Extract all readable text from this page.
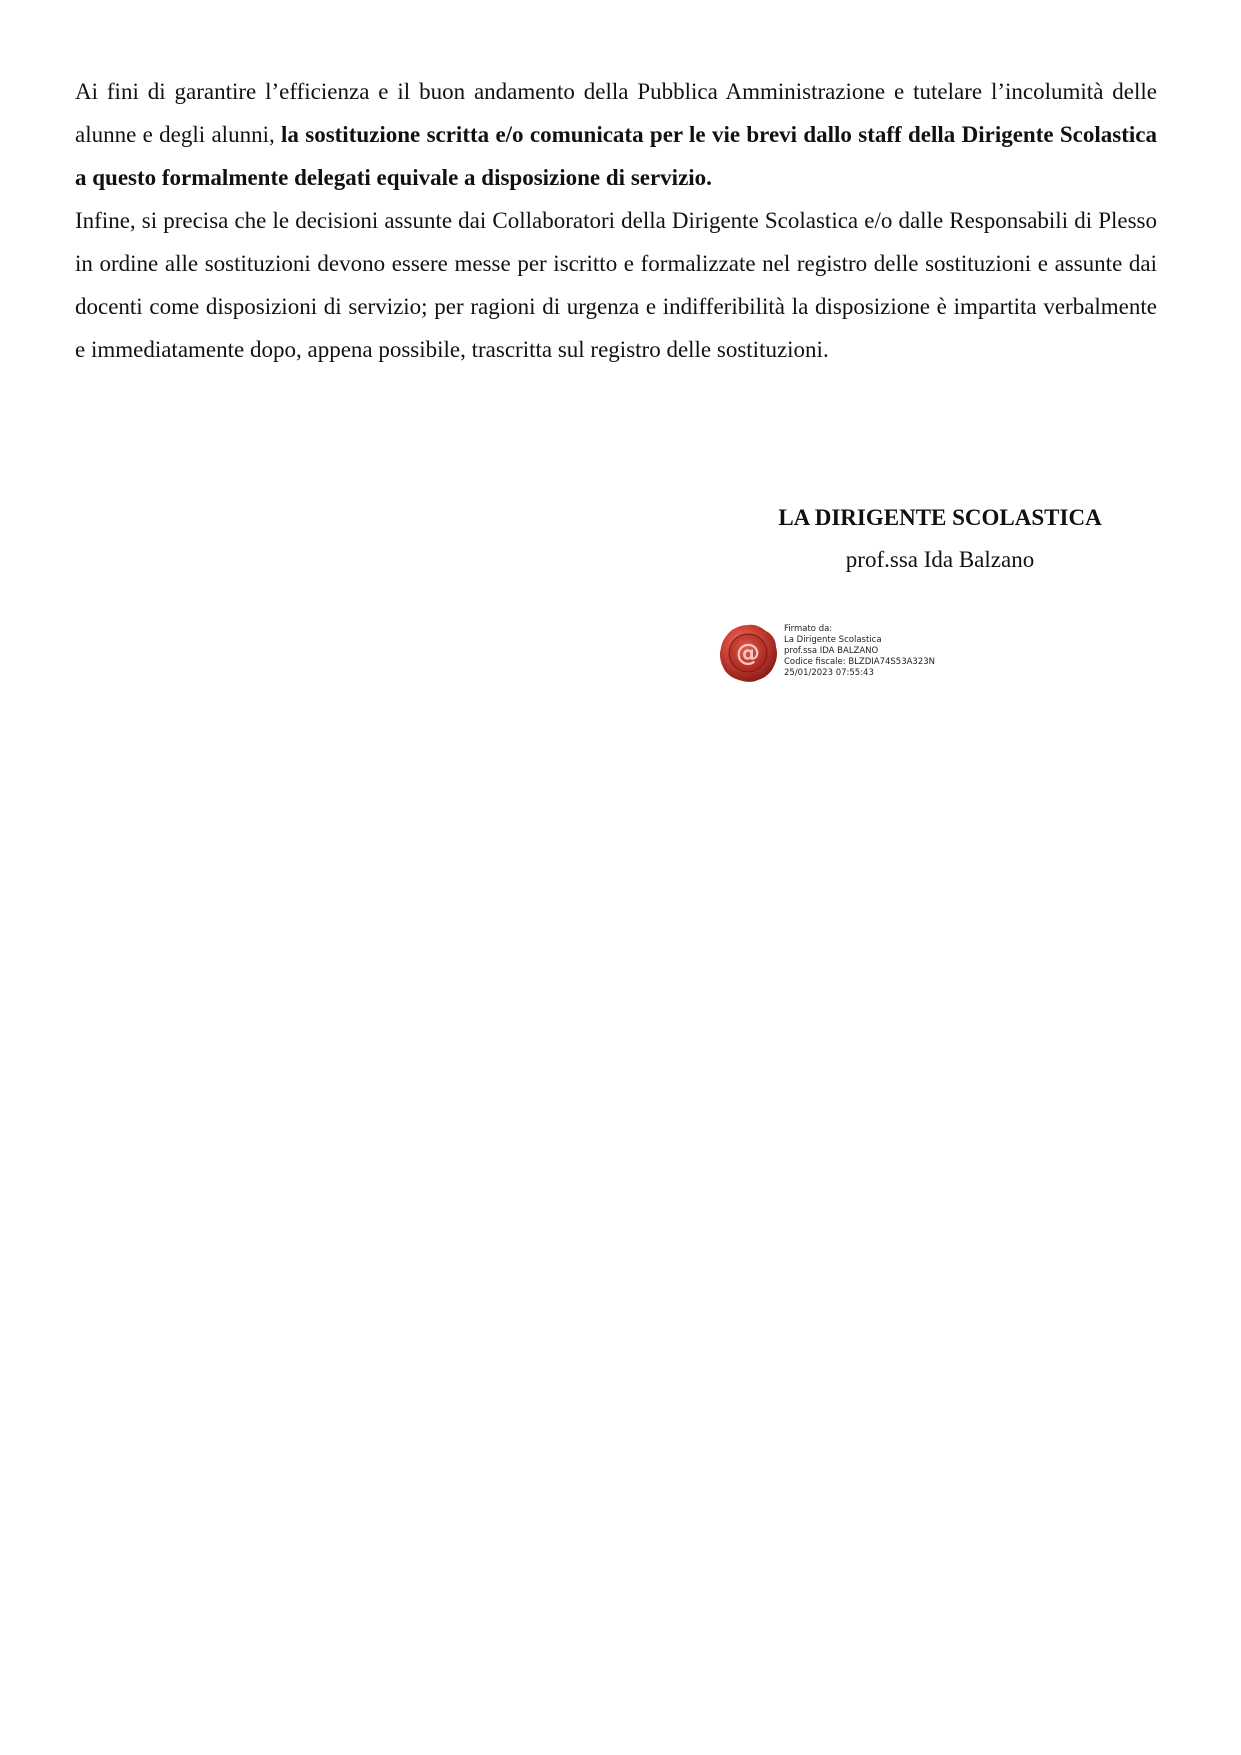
Ai fini di garantire l’efficienza e il buon andamento della Pubblica Amministrazione e tutelare l’incolumità delle alunne e degli alunni, la sostituzione scritta e/o comunicata per le vie brevi dallo staff della Dirigente Scolastica a questo formalmente delegati equivale a disposizione di servizio.

Infine, si precisa che le decisioni assunte dai Collaboratori della Dirigente Scolastica e/o dalle Responsabili di Plesso in ordine alle sostituzioni devono essere messe per iscritto e formalizzate nel registro delle sostituzioni e assunte dai docenti come disposizioni di servizio; per ragioni di urgenza e indifferibilità la disposizione è impartita verbalmente e immediatamente dopo, appena possibile, trascritta sul registro delle sostituzioni.

LA DIRIGENTE SCOLASTICA

prof.ssa Ida Balzano

@
Firmato da:
La Dirigente Scolastica
prof.ssa IDA BALZANO
Codice fiscale: BLZDIA74S53A323N
25/01/2023 07:55:43
